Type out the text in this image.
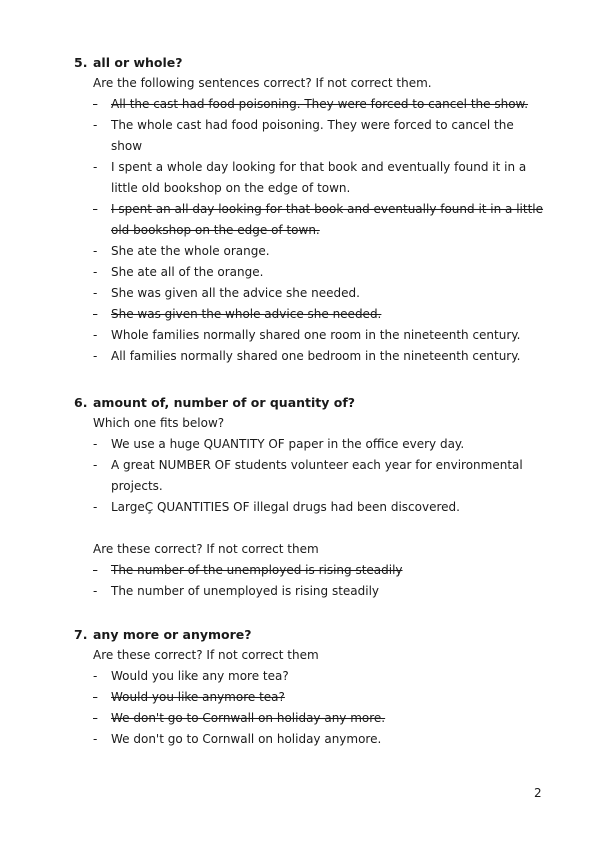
5. all or whole?
Are the following sentences correct? If not correct them.
- All the cast had food poisoning. They were forced to cancel the show.
- The whole cast had food poisoning. They were forced to cancel the show
- I spent a whole day looking for that book and eventually found it in a little old bookshop on the edge of town.
- I spent an all day looking for that book and eventually found it in a little old bookshop on the edge of town.
- She ate the whole orange.
- She ate all of the orange.
- She was given all the advice she needed.
- She was given the whole advice she needed.
- Whole families normally shared one room in the nineteenth century.
- All families normally shared one bedroom in the nineteenth century.
6. amount of, number of or quantity of?
Which one fits below?
- We use a huge QUANTITY OF paper in the office every day.
- A great NUMBER OF students volunteer each year for environmental projects.
- LargeÇ QUANTITIES OF illegal drugs had been discovered.
Are these correct? If not correct them
- The number of the unemployed is rising steadily
- The number of unemployed is rising steadily
7. any more or anymore?
Are these correct? If not correct them
- Would you like any more tea?
- Would you like anymore tea?
- We don't go to Cornwall on holiday any more.
- We don't go to Cornwall on holiday anymore.
2
